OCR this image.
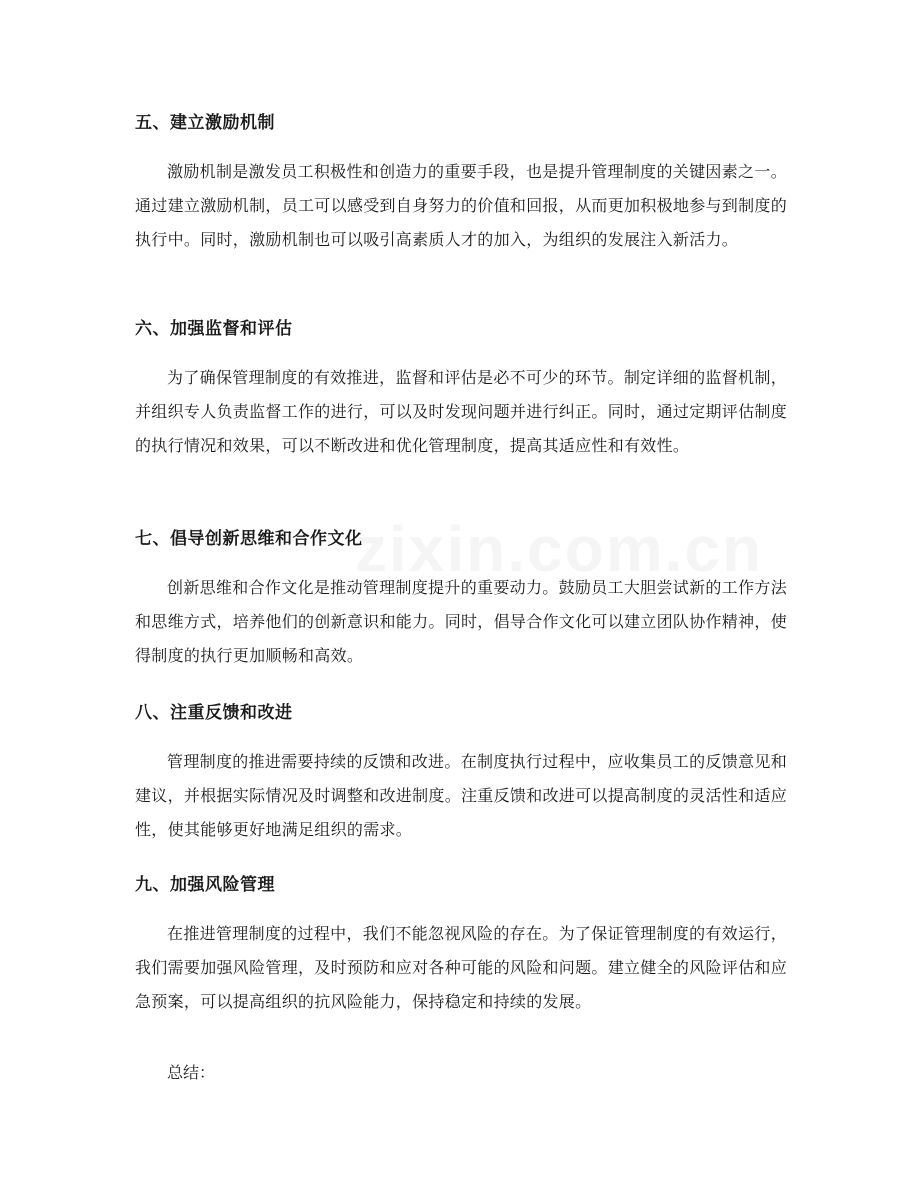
zixin.com.cn
五、建立激励机制

激励机制是激发员工积极性和创造力的重要手段，也是提升管理制度的关键因素之一。通过建立激励机制，员工可以感受到自身努力的价值和回报，从而更加积极地参与到制度的执行中。同时，激励机制也可以吸引高素质人才的加入，为组织的发展注入新活力。

六、加强监督和评估

为了确保管理制度的有效推进，监督和评估是必不可少的环节。制定详细的监督机制，并组织专人负责监督工作的进行，可以及时发现问题并进行纠正。同时，通过定期评估制度的执行情况和效果，可以不断改进和优化管理制度，提高其适应性和有效性。

七、倡导创新思维和合作文化

创新思维和合作文化是推动管理制度提升的重要动力。鼓励员工大胆尝试新的工作方法和思维方式，培养他们的创新意识和能力。同时，倡导合作文化可以建立团队协作精神，使得制度的执行更加顺畅和高效。

八、注重反馈和改进

管理制度的推进需要持续的反馈和改进。在制度执行过程中，应收集员工的反馈意见和建议，并根据实际情况及时调整和改进制度。注重反馈和改进可以提高制度的灵活性和适应性，使其能够更好地满足组织的需求。

九、加强风险管理

在推进管理制度的过程中，我们不能忽视风险的存在。为了保证管理制度的有效运行，我们需要加强风险管理，及时预防和应对各种可能的风险和问题。建立健全的风险评估和应急预案，可以提高组织的抗风险能力，保持稳定和持续的发展。

总结：
